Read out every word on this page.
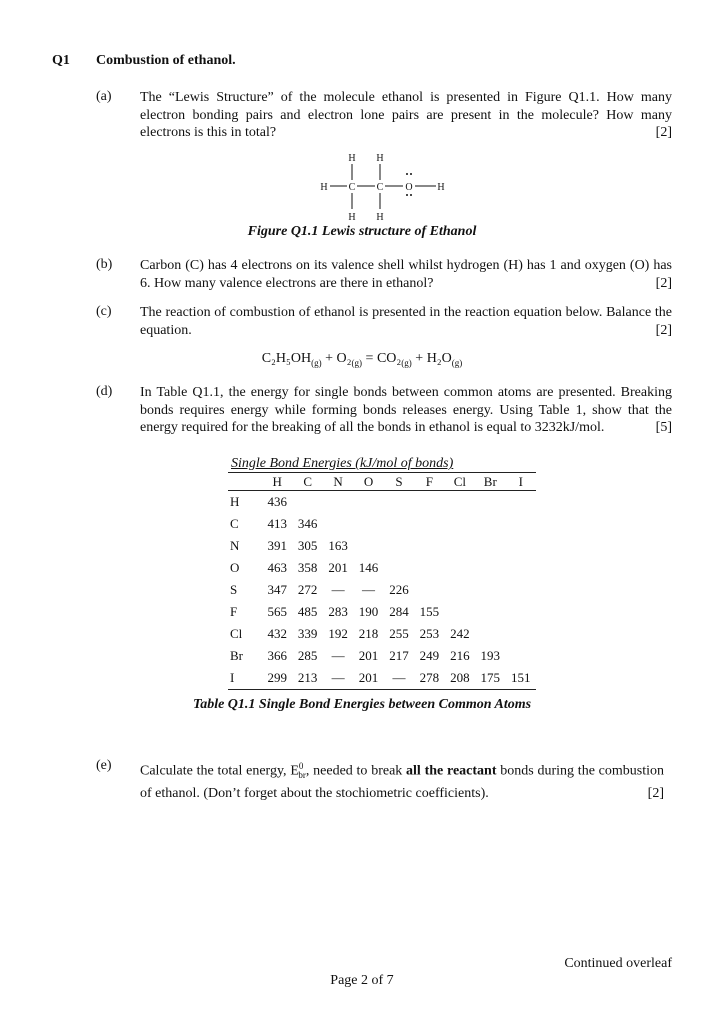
Q1 Combustion of ethanol.
(a) The “Lewis Structure” of the molecule ethanol is presented in Figure Q1.1. How many electron bonding pairs and electron lone pairs are present in the molecule? How many electrons is this in total?	[2]
H H
H C C O H
H H
Figure Q1.1 Lewis structure of Ethanol
(b) Carbon (C) has 4 electrons on its valence shell whilst hydrogen (H) has 1 and oxygen (O) has 6. How many valence electrons are there in ethanol?	[2]
(c) The reaction of combustion of ethanol is presented in the reaction equation below. Balance the equation.	[2]
$C_2H_5OH_{(g)} + O_2_{(g)} = CO_2_{(g)} + H_2O_{(g)}$
(d) In Table Q1.1, the energy for single bonds between common atoms are presented. Breaking bonds requires energy while forming bonds releases energy. Using Table 1, show that the energy required for the breaking of all the bonds in ethanol is equal to 3232kJ/mol.	[5]
Single Bond Energies (kJ/mol of bonds)
	H	C	N	O	S	F	Cl	Br	I
H	436								
C	413	346							
N	391	305	163						
O	463	358	201	146					
S	347	272	—	—	226				
F	565	485	283	190	284	155			
Cl	432	339	192	218	255	253	242		
Br	366	285	—	201	217	249	216	193	
I	299	213	—	201	—	278	208	175	151
Table Q1.1 Single Bond Energies between Common Atoms
(e) Calculate the total energy, $E^0_{br}$, needed to break all the reactant bonds during the combustion of ethanol. (Don’t forget about the stochiometric coefficients).	[2]
Continued overleaf
Page 2 of 7
